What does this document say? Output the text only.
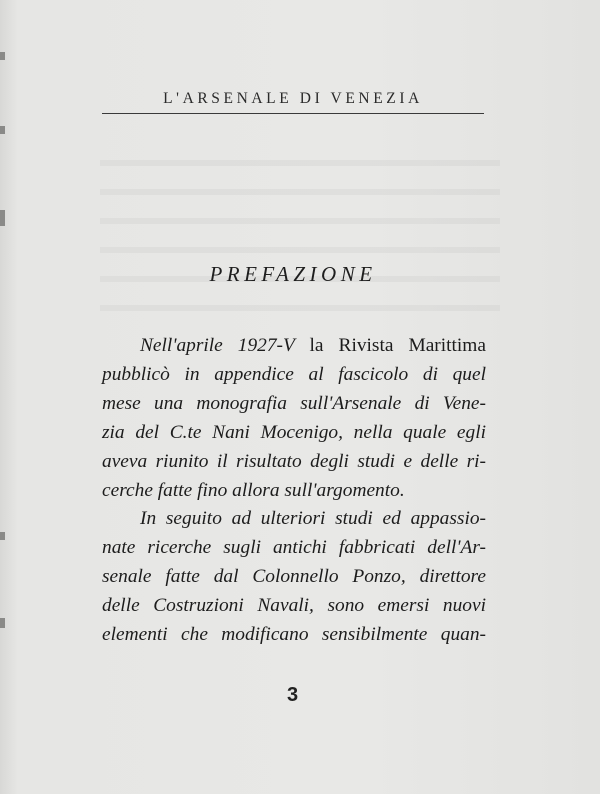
L'ARSENALE DI VENEZIA
PREFAZIONE
Nell'aprile 1927-V la Rivista Marittima
pubblicò in appendice al fascicolo di quel
mese una monografia sull'Arsenale di Vene-
zia del C.te Nani Mocenigo, nella quale egli
aveva riunito il risultato degli studi e delle ri-
cerche fatte fino allora sull'argomento.
In seguito ad ulteriori studi ed appassio-
nate ricerche sugli antichi fabbricati dell'Ar-
senale fatte dal Colonnello Ponzo, direttore
delle Costruzioni Navali, sono emersi nuovi
elementi che modificano sensibilmente quan-
3
